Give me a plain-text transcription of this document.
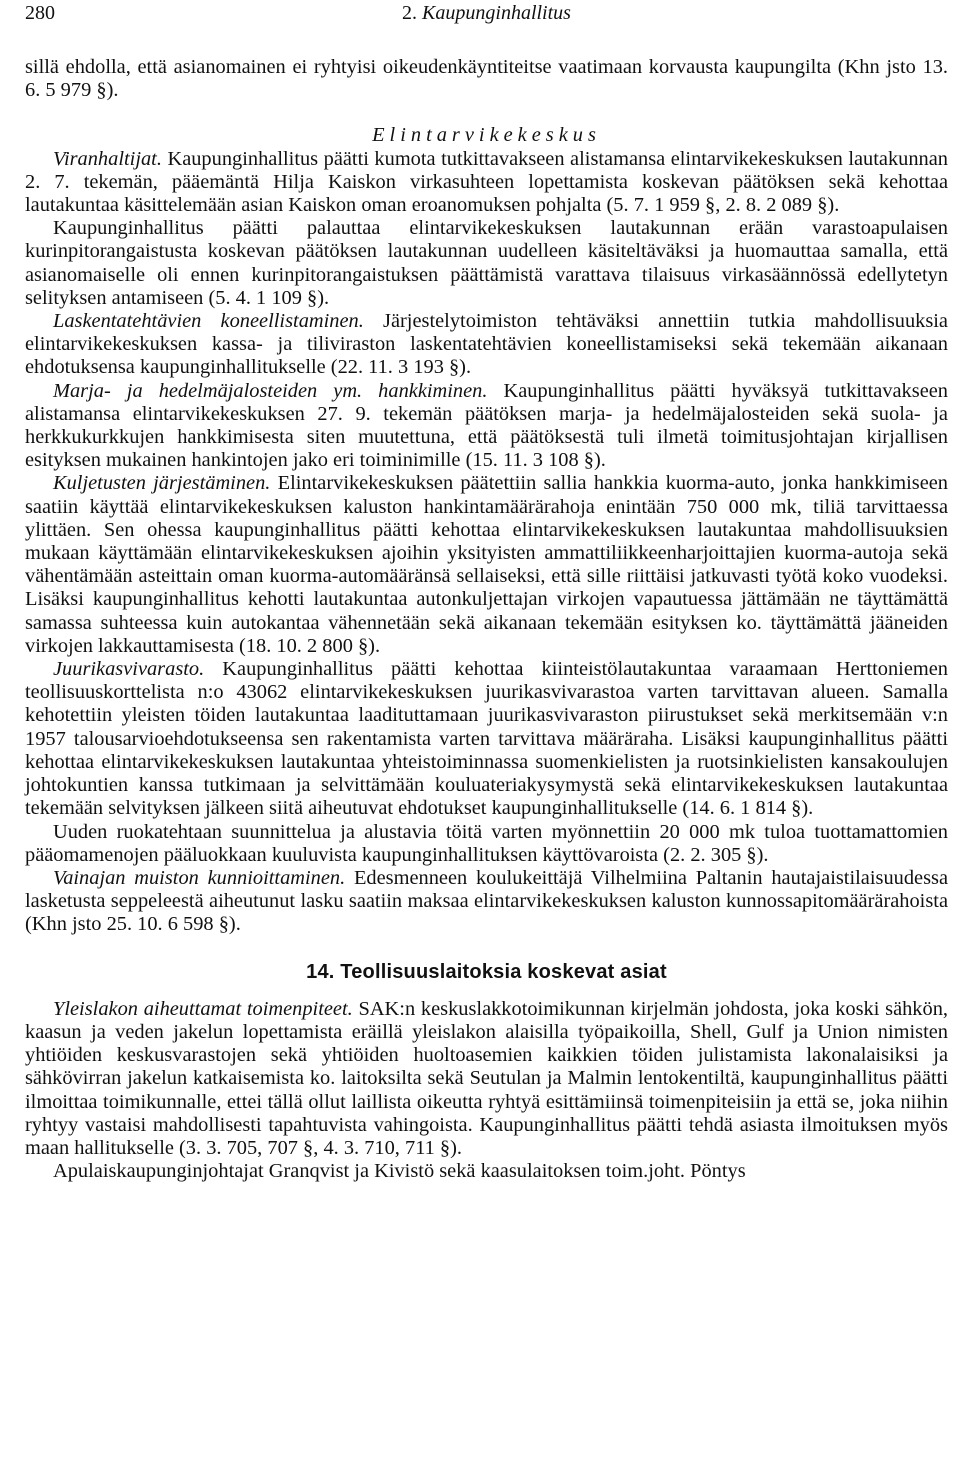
280	2. Kaupunginhallitus

sillä ehdolla, että asianomainen ei ryhtyisi oikeudenkäyntiteitse vaatimaan korvausta kaupungilta (Khn jsto 13. 6. 5 979 §).

Elintarvikekeskus

Viranhaltijat. Kaupunginhallitus päätti kumota tutkittavakseen alistamansa elintarvikekeskuksen lautakunnan 2. 7. tekemän, pääemäntä Hilja Kaiskon virkasuhteen lopettamista koskevan päätöksen sekä kehottaa lautakuntaa käsittelemään asian Kaiskon oman eroanomuksen pohjalta (5. 7. 1 959 §, 2. 8. 2 089 §).

Kaupunginhallitus päätti palauttaa elintarvikekeskuksen lautakunnan erään varastoapulaisen kurinpitorangaistusta koskevan päätöksen lautakunnan uudelleen käsiteltäväksi ja huomauttaa samalla, että asianomaiselle oli ennen kurinpitorangaistuksen päättämistä varattava tilaisuus virkasäännössä edellytetyn selityksen antamiseen (5. 4. 1 109 §).

Laskentatehtävien koneellistaminen. Järjestelytoimiston tehtäväksi annettiin tutkia mahdollisuuksia elintarvikekeskuksen kassa- ja tiliviraston laskentatehtävien koneellistamiseksi sekä tekemään aikanaan ehdotuksensa kaupunginhallitukselle (22. 11. 3 193 §).

Marja- ja hedelmäjalosteiden ym. hankkiminen. Kaupunginhallitus päätti hyväksyä tutkittavakseen alistamansa elintarvikekeskuksen 27. 9. tekemän päätöksen marja- ja hedelmäjalosteiden sekä suola- ja herkkukurkkujen hankkimisesta siten muutettuna, että päätöksestä tuli ilmetä toimitusjohtajan kirjallisen esityksen mukainen hankintojen jako eri toiminimille (15. 11. 3 108 §).

Kuljetusten järjestäminen. Elintarvikekeskuksen päätettiin sallia hankkia kuorma-auto, jonka hankkimiseen saatiin käyttää elintarvikekeskuksen kaluston hankintamäärärahoja enintään 750 000 mk, tiliä tarvittaessa ylittäen. Sen ohessa kaupunginhallitus päätti kehottaa elintarvikekeskuksen lautakuntaa mahdollisuuksien mukaan käyttämään elintarvikekeskuksen ajoihin yksityisten ammattiliikkeenharjoittajien kuorma-autoja sekä vähentämään asteittain oman kuorma-automääränsä sellaiseksi, että sille riittäisi jatkuvasti työtä koko vuodeksi. Lisäksi kaupunginhallitus kehotti lautakuntaa autonkuljettajan virkojen vapautuessa jättämään ne täyttämättä samassa suhteessa kuin autokantaa vähennetään sekä aikanaan tekemään esityksen ko. täyttämättä jääneiden virkojen lakkauttamisesta (18. 10. 2 800 §).

Juurikasvivarasto. Kaupunginhallitus päätti kehottaa kiinteistölautakuntaa varaamaan Herttoniemen teollisuuskorttelista n:o 43062 elintarvikekeskuksen juurikasvivarastoa varten tarvittavan alueen. Samalla kehotettiin yleisten töiden lautakuntaa laadituttamaan juurikasvivaraston piirustukset sekä merkitsemään v:n 1957 talousarvioehdotukseensa sen rakentamista varten tarvittava määräraha. Lisäksi kaupunginhallitus päätti kehottaa elintarvikekeskuksen lautakuntaa yhteistoiminnassa suomenkielisten ja ruotsinkielisten kansakoulujen johtokuntien kanssa tutkimaan ja selvittämään kouluateriakysymystä sekä elintarvikekeskuksen lautakuntaa tekemään selvityksen jälkeen siitä aiheutuvat ehdotukset kaupunginhallitukselle (14. 6. 1 814 §).

Uuden ruokatehtaan suunnittelua ja alustavia töitä varten myönnettiin 20 000 mk tuloa tuottamattomien pääomamenojen pääluokkaan kuuluvista kaupunginhallituksen käyttövaroista (2. 2. 305 §).

Vainajan muiston kunnioittaminen. Edesmenneen koulukeittäjä Vilhelmiina Paltanin hautajaistilaisuudessa lasketusta seppeleestä aiheutunut lasku saatiin maksaa elintarvikekeskuksen kaluston kunnossapitomäärärahoista (Khn jsto 25. 10. 6 598 §).

14. Teollisuuslaitoksia koskevat asiat

Yleislakon aiheuttamat toimenpiteet. SAK:n keskuslakkotoimikunnan kirjelmän johdosta, joka koski sähkön, kaasun ja veden jakelun lopettamista eräillä yleislakon alaisilla työpaikoilla, Shell, Gulf ja Union nimisten yhtiöiden keskusvarastojen sekä yhtiöiden huoltoasemien kaikkien töiden julistamista lakonalaisiksi ja sähkövirran jakelun katkaisemista ko. laitoksilta sekä Seutulan ja Malmin lentokentiltä, kaupunginhallitus päätti ilmoittaa toimikunnalle, ettei tällä ollut laillista oikeutta ryhtyä esittämiinsä toimenpiteisiin ja että se, joka niihin ryhtyy vastaisi mahdollisesti tapahtuvista vahingoista. Kaupunginhallitus päätti tehdä asiasta ilmoituksen myös maan hallitukselle (3. 3. 705, 707 §, 4. 3. 710, 711 §).

Apulaiskaupunginjohtajat Granqvist ja Kivistö sekä kaasulaitoksen toim.joht. Pöntys
